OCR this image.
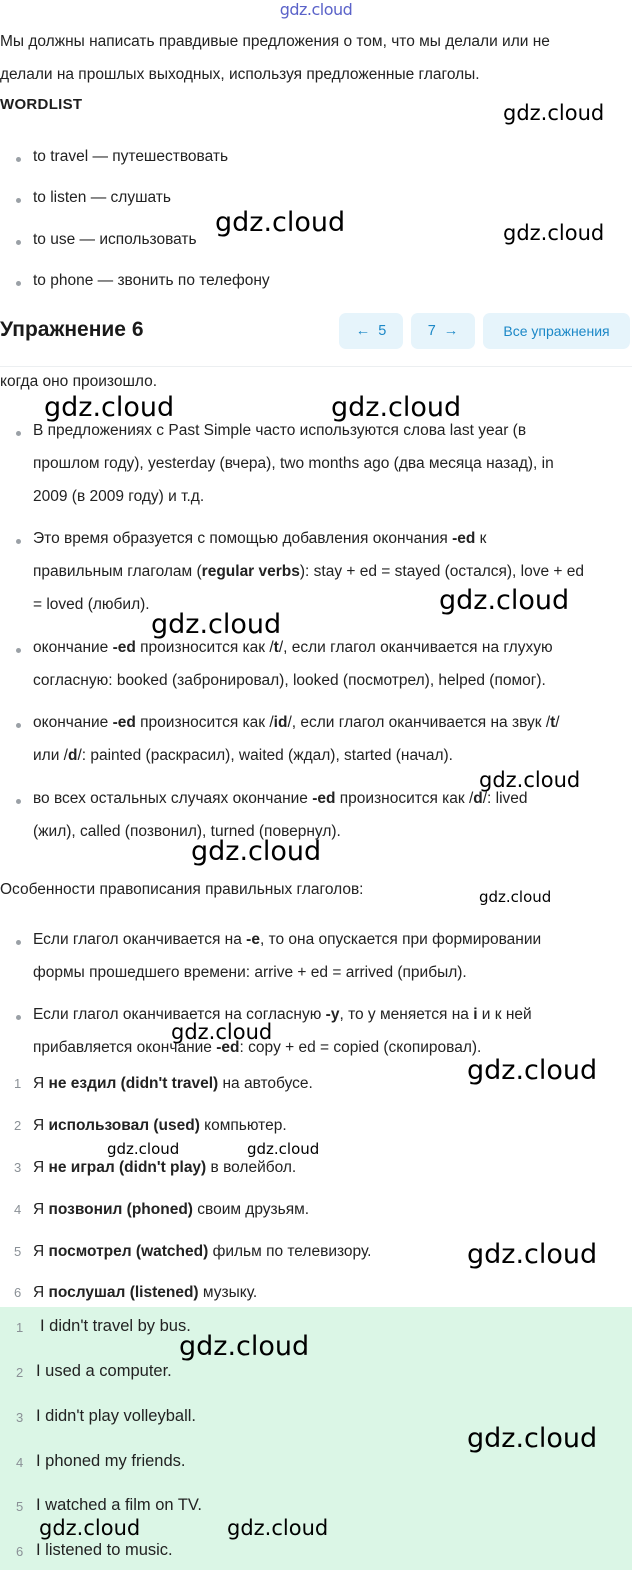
gdz.cloud
Мы должны написать правдивые предложения о том, что мы делали или не
делали на прошлых выходных, используя предложенные глаголы.
WORDLIST
to travel — путешествовать
to listen — слушать
to use — использовать
to phone — звонить по телефону
Упражнение 6	← 5	7 →	Все упражнения
когда оно произошло.
В предложениях с Past Simple часто используются слова last year (в
прошлом году), yesterday (вчера), two months ago (два месяца назад), in
2009 (в 2009 году) и т.д.
Это время образуется с помощью добавления окончания -ed к
правильным глаголам (regular verbs): stay + ed = stayed (остался), love + ed
= loved (любил).
окончание -ed произносится как /t/, если глагол оканчивается на глухую
согласную: booked (забронировал), looked (посмотрел), helped (помог).
окончание -ed произносится как /id/, если глагол оканчивается на звук /t/
или /d/: painted (раскрасил), waited (ждал), started (начал).
во всех остальных случаях окончание -ed произносится как /d/: lived
(жил), called (позвонил), turned (повернул).
Особенности правописания правильных глаголов:
Если глагол оканчивается на -e, то она опускается при формировании
формы прошедшего времени: arrive + ed = arrived (прибыл).
Если глагол оканчивается на согласную -y, то y меняется на i и к ней
прибавляется окончание -ed: copy + ed = copied (скопировал).
1 Я не ездил (didn't travel) на автобусе.
2 Я использовал (used) компьютер.
3 Я не играл (didn't play) в волейбол.
4 Я позвонил (phoned) своим друзьям.
5 Я посмотрел (watched) фильм по телевизору.
6 Я послушал (listened) музыку.
1 I didn't travel by bus.
2 I used a computer.
3 I didn't play volleyball.
4 I phoned my friends.
5 I watched a film on TV.
6 I listened to music.
gdz.cloud
gdz.cloud	gdz.cloud
gdz.cloud	gdz.cloud
gdz.cloud
gdz.cloud
gdz.cloud
gdz.cloud
gdz.cloud
gdz.cloud
gdz.cloud
gdz.cloud	gdz.cloud
gdz.cloud
gdz.cloud
gdz.cloud
gdz.cloud	gdz.cloud
